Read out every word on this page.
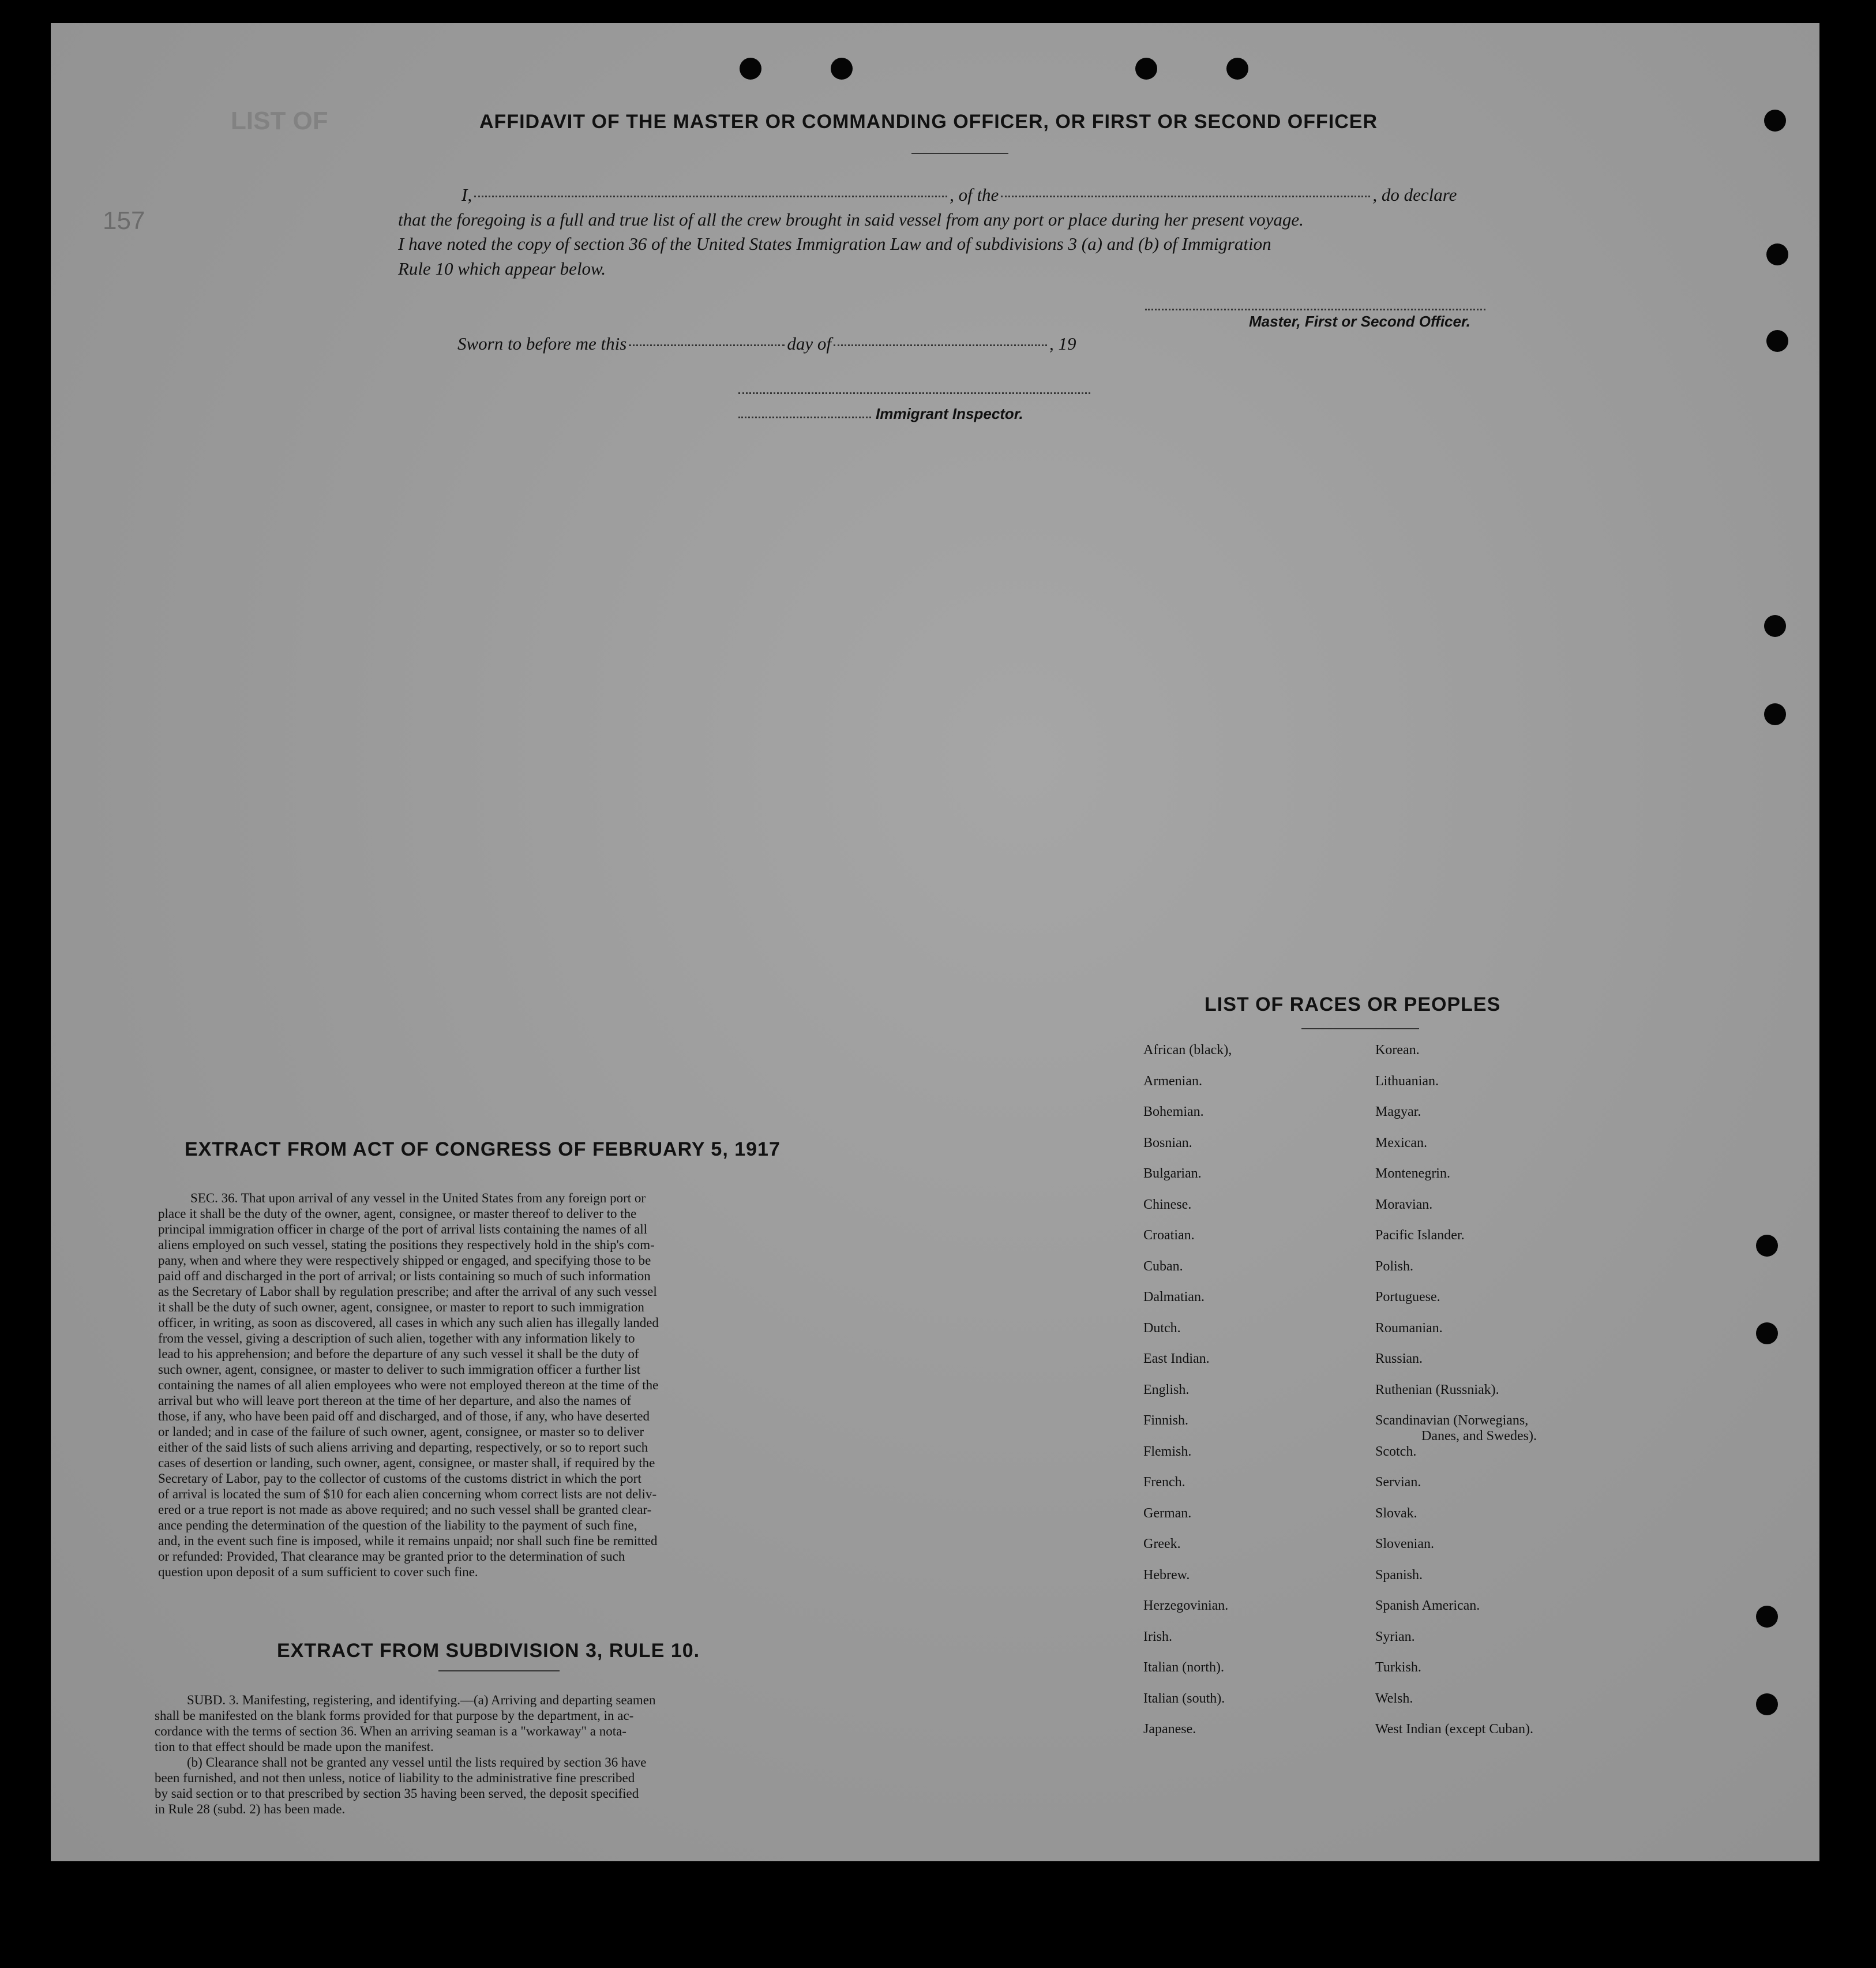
LIST OF
157
AFFIDAVIT OF THE MASTER OR COMMANDING OFFICER, OR FIRST OR SECOND OFFICER
I,	, of the	, do declare
that the foregoing is a full and true list of all the crew brought in said vessel from any port or place during her present voyage.
I have noted the copy of section 36 of the United States Immigration Law and of subdivisions 3 (a) and (b) of Immigration
Rule 10 which appear below.
Master, First or Second Officer.
Sworn to before me this	day of	, 19
Immigrant Inspector.
LIST OF RACES OR PEOPLES
African (black),
Armenian.
Bohemian.
Bosnian.
Bulgarian.
Chinese.
Croatian.
Cuban.
Dalmatian.
Dutch.
East Indian.
English.
Finnish.
Flemish.
French.
German.
Greek.
Hebrew.
Herzegovinian.
Irish.
Italian (north).
Italian (south).
Japanese.
Korean.
Lithuanian.
Magyar.
Mexican.
Montenegrin.
Moravian.
Pacific Islander.
Polish.
Portuguese.
Roumanian.
Russian.
Ruthenian (Russniak).
Scandinavian (Norwegians,
Danes, and Swedes).
Scotch.
Servian.
Slovak.
Slovenian.
Spanish.
Spanish American.
Syrian.
Turkish.
Welsh.
West Indian (except Cuban).
EXTRACT FROM ACT OF CONGRESS OF FEBRUARY 5, 1917
SEC. 36. That upon arrival of any vessel in the United States from any foreign port or
place it shall be the duty of the owner, agent, consignee, or master thereof to deliver to the
principal immigration officer in charge of the port of arrival lists containing the names of all
aliens employed on such vessel, stating the positions they respectively hold in the ship's com-
pany, when and where they were respectively shipped or engaged, and specifying those to be
paid off and discharged in the port of arrival; or lists containing so much of such information
as the Secretary of Labor shall by regulation prescribe; and after the arrival of any such vessel
it shall be the duty of such owner, agent, consignee, or master to report to such immigration
officer, in writing, as soon as discovered, all cases in which any such alien has illegally landed
from the vessel, giving a description of such alien, together with any information likely to
lead to his apprehension; and before the departure of any such vessel it shall be the duty of
such owner, agent, consignee, or master to deliver to such immigration officer a further list
containing the names of all alien employees who were not employed thereon at the time of the
arrival but who will leave port thereon at the time of her departure, and also the names of
those, if any, who have been paid off and discharged, and of those, if any, who have deserted
or landed; and in case of the failure of such owner, agent, consignee, or master so to deliver
either of the said lists of such aliens arriving and departing, respectively, or so to report such
cases of desertion or landing, such owner, agent, consignee, or master shall, if required by the
Secretary of Labor, pay to the collector of customs of the customs district in which the port
of arrival is located the sum of $10 for each alien concerning whom correct lists are not deliv-
ered or a true report is not made as above required; and no such vessel shall be granted clear-
ance pending the determination of the question of the liability to the payment of such fine,
and, in the event such fine is imposed, while it remains unpaid; nor shall such fine be remitted
or refunded: Provided, That clearance may be granted prior to the determination of such
question upon deposit of a sum sufficient to cover such fine.
EXTRACT FROM SUBDIVISION 3, RULE 10.
SUBD. 3. Manifesting, registering, and identifying.—(a) Arriving and departing seamen
shall be manifested on the blank forms provided for that purpose by the department, in ac-
cordance with the terms of section 36. When an arriving seaman is a "workaway" a nota-
tion to that effect should be made upon the manifest.
(b) Clearance shall not be granted any vessel until the lists required by section 36 have
been furnished, and not then unless, notice of liability to the administrative fine prescribed
by said section or to that prescribed by section 35 having been served, the deposit specified
in Rule 28 (subd. 2) has been made.
